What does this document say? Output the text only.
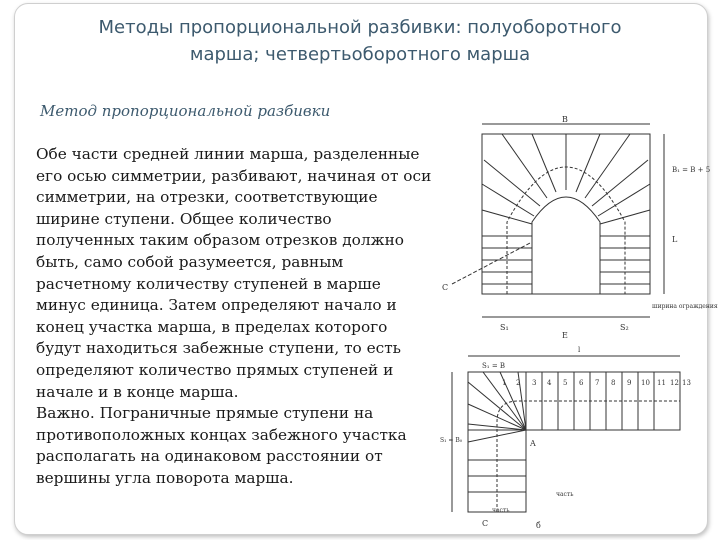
Методы пропорциональной разбивки: полуоборотного
марша; четвертьоборотного марша
Метод пропорциональной разбивки
Обе части средней линии марша, разделенные
его осью симметрии, разбивают, начиная от оси
симметрии, на отрезки, соответствующие
ширине ступени. Общее количество
полученных таким образом отрезков должно
быть, само собой разумеется, равным
расчетному количеству ступеней в марше
минус единица. Затем определяют начало и
конец участка марша, в пределах которого
будут находиться забежные ступени, то есть
определяют количество прямых ступеней и
начале и в конце марша.
Важно. Пограничные прямые ступени на
противоположных концах забежного участка
располагать на одинаковом расстоянии от
вершины угла поворота марша.
B
B₁ = B + 5
C
L
S₁	S₂
ширина ограждения
E
1 2 3 4 5 6 7 8 9 10 11 12 13
l
S₁ = B
S₁ = B₀	A
C
часть
часть
б
